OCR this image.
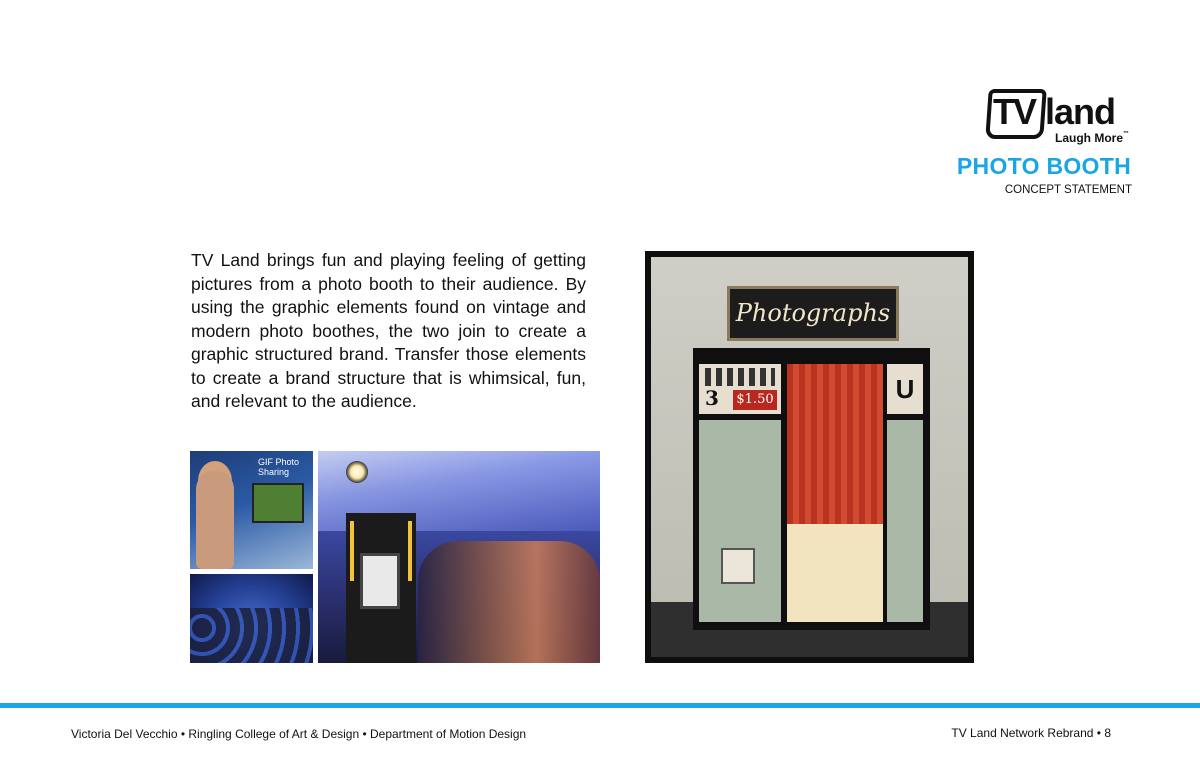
TV land
Laugh More™
PHOTO BOOTH
CONCEPT STATEMENT

TV Land brings fun and playing feeling of getting pictures from a photo booth to their audience. By using the graphic elements found on vintage and modern photo boothes, the two join to create a graphic structured brand. Transfer those elements to create a brand structure that is whimsical, fun, and relevant to the audience.

GIF Photo Sharing
Photographs
3 $1.50	U
Victoria Del Vecchio • Ringling College of Art & Design • Department of Motion Design	TV Land Network Rebrand • 8
